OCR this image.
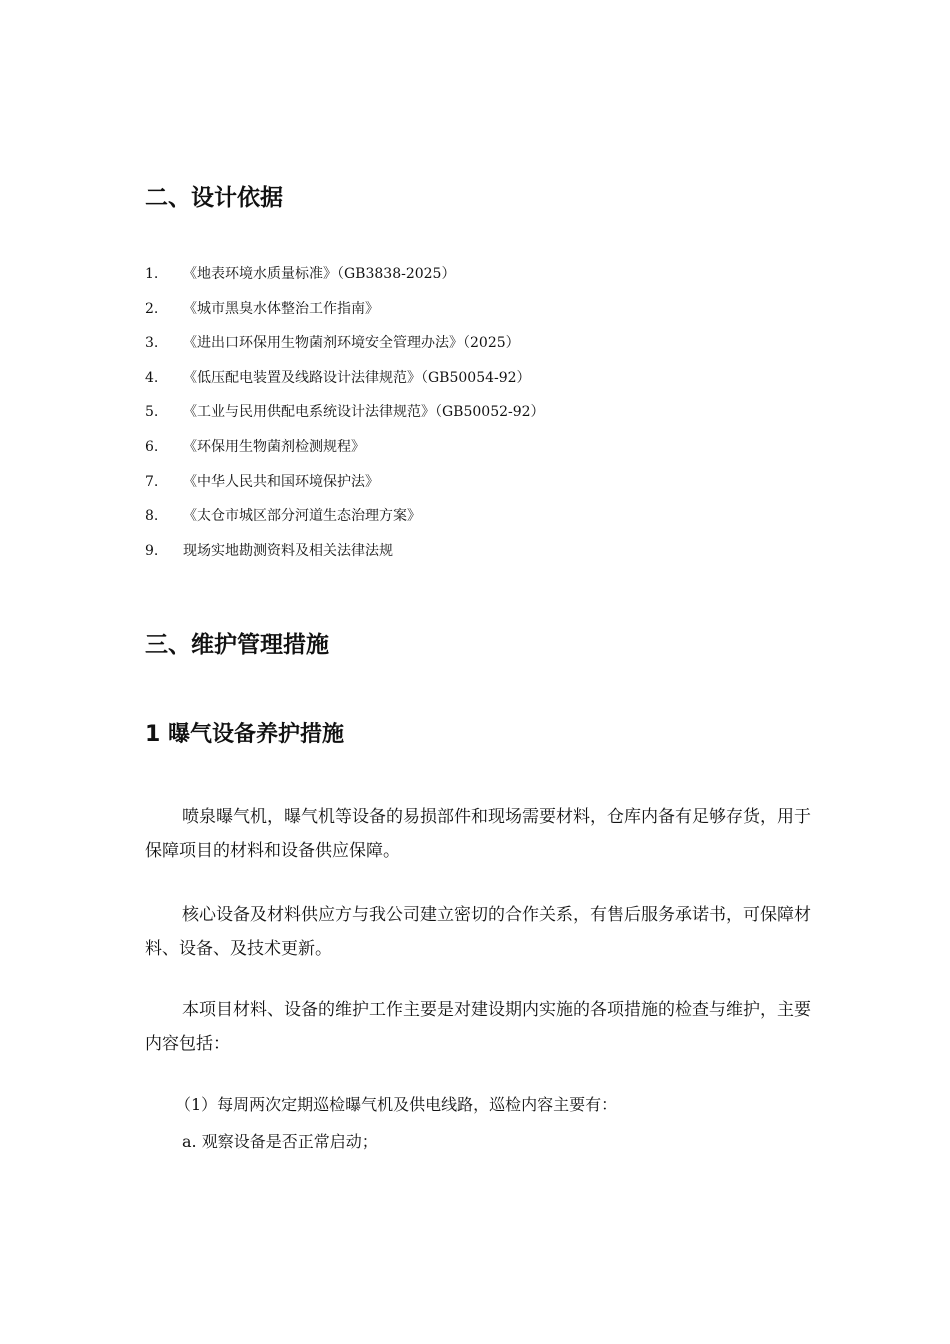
二、设计依据
1. 《地表环境水质量标准》（GB3838-2025）
2. 《城市黑臭水体整治工作指南》
3. 《进出口环保用生物菌剂环境安全管理办法》（2025）
4. 《低压配电装置及线路设计法律规范》（GB50054-92）
5. 《工业与民用供配电系统设计法律规范》（GB50052-92）
6. 《环保用生物菌剂检测规程》
7. 《中华人民共和国环境保护法》
8. 《太仓市城区部分河道生态治理方案》
9. 现场实地勘测资料及相关法律法规
三、维护管理措施
1 曝气设备养护措施
喷泉曝气机，曝气机等设备的易损部件和现场需要材料，仓库内备有足够存货，用于保障项目的材料和设备供应保障。
核心设备及材料供应方与我公司建立密切的合作关系，有售后服务承诺书，可保障材料、设备、及技术更新。
本项目材料、设备的维护工作主要是对建设期内实施的各项措施的检查与维护，主要内容包括：
（1）每周两次定期巡检曝气机及供电线路，巡检内容主要有：
a. 观察设备是否正常启动；
